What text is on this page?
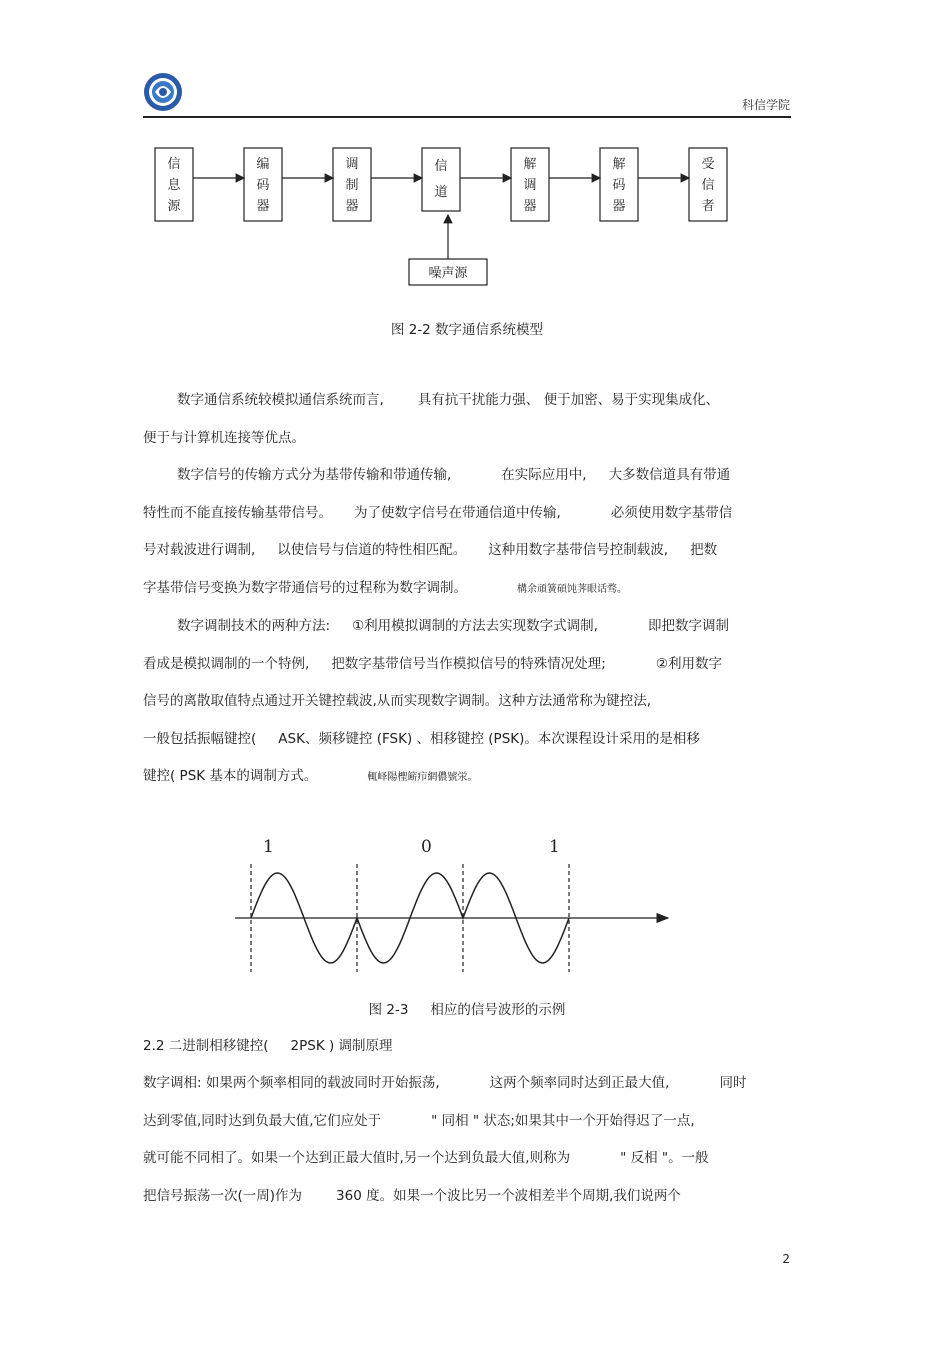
科信学院
信
息
源
编
码
器
调
制
器
信
道
解
调
器
解
码
器
受
信
者
噪声源
图 2-2 数字通信系统模型

数字通信系统较模拟通信系统而言,	具有抗干扰能力强、 便于加密、易于实现集成化、

便于与计算机连接等优点。

数字信号的传输方式分为基带传输和带通传输,	在实际应用中, 大多数信道具有带通

特性而不能直接传输基带信号。 为了使数字信号在带通信道中传输,	必须使用数字基带信

号对载波进行调制, 以使信号与信道的特性相匹配。 这种用数字基带信号控制载波, 把数

字基带信号变换为数字带通信号的过程称为数字调制。	構余頑簧碩饨荠眼话骛。

数字调制技术的两种方法: ①利用模拟调制的方法去实现数字式调制,	即把数字调制

看成是模拟调制的一个特例, 把数字基带信号当作模拟信号的特殊情况处理;	②利用数字

信号的离散取值特点通过开关键控载波,从而实现数字调制。这种方法通常称为键控法,

一般包括振幅键控( ASK、频移键控 (FSK) 、相移键控 (PSK)。本次课程设计采用的是相移

键控( PSK 基本的调制方式。	輒峄陽檉簖疖網儂號泶。

1	0	1
图 2-3 相应的信号波形的示例
2.2 二进制相移键控( 2PSK ) 调制原理

数字调相: 如果两个频率相同的载波同时开始振荡,	这两个频率同时达到正最大值,	同时

达到零值,同时达到负最大值,它们应处于	" 同相 " 状态;如果其中一个开始得迟了一点,

就可能不同相了。如果一个达到正最大值时,另一个达到负最大值,则称为	" 反相 "。一般

把信号振荡一次(一周)作为	360 度。如果一个波比另一个波相差半个周期,我们说两个

2
